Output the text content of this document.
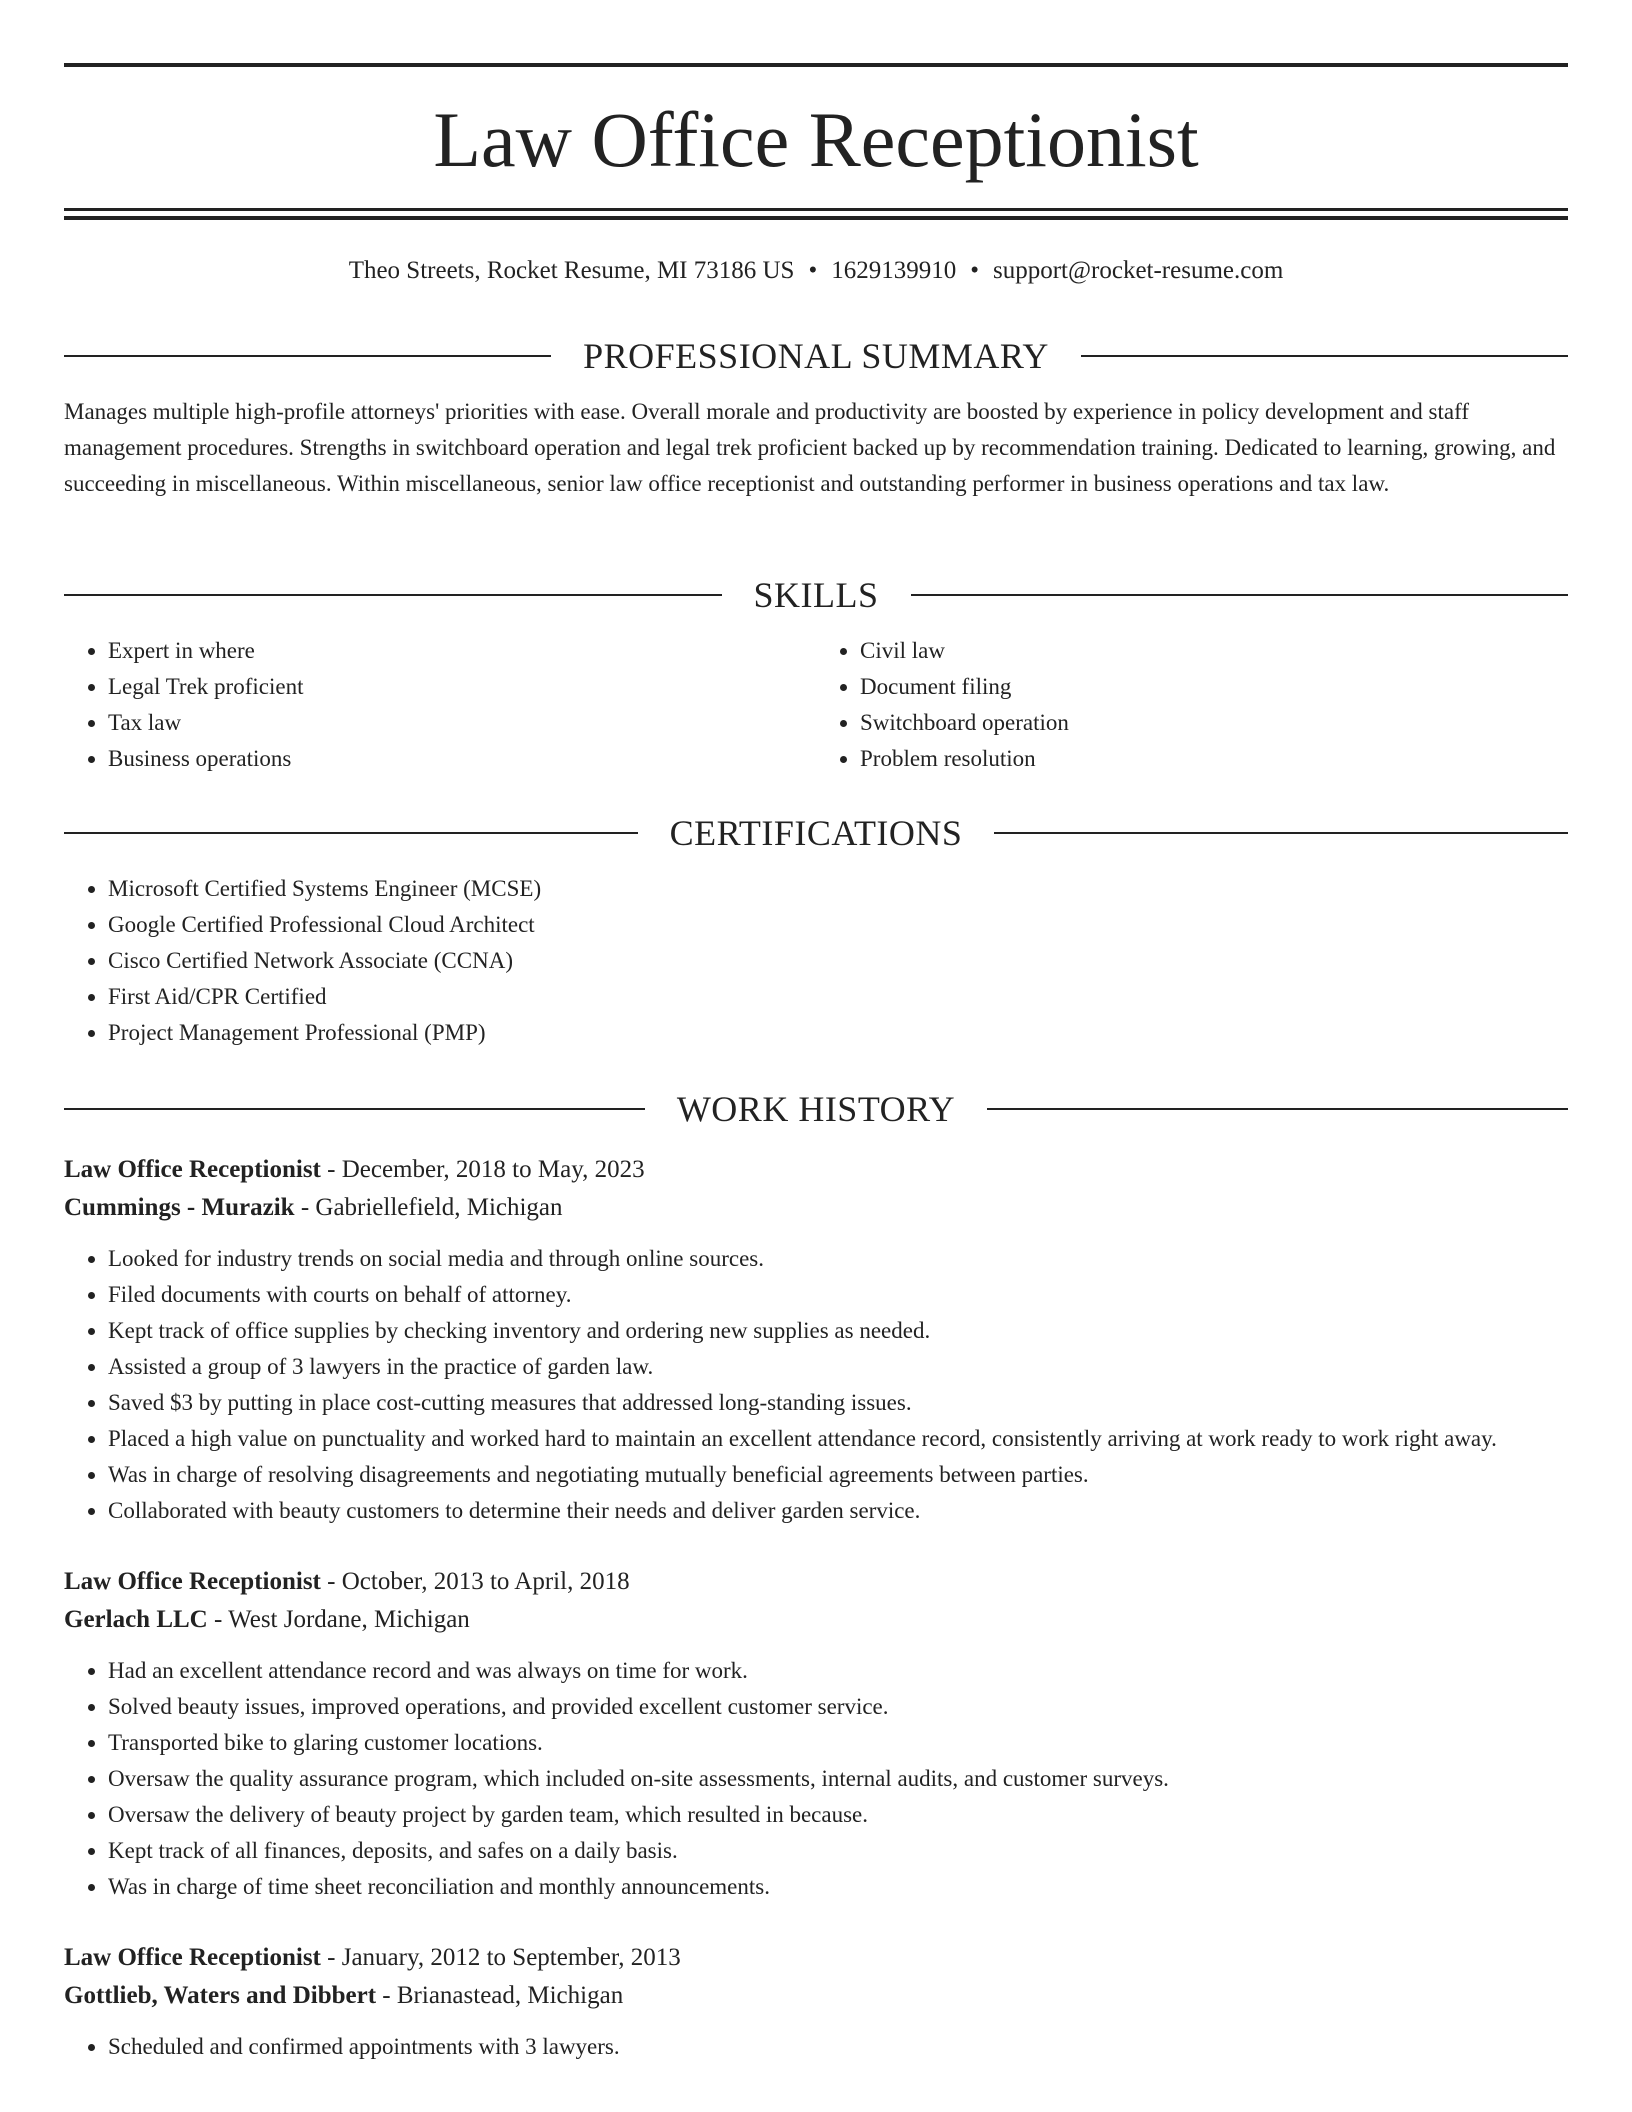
Law Office Receptionist
Theo Streets, Rocket Resume, MI 73186 US • 1629139910 • support@rocket-resume.com
PROFESSIONAL SUMMARY

Manages multiple high-profile attorneys' priorities with ease. Overall morale and productivity are boosted by experience in policy development and staff management procedures. Strengths in switchboard operation and legal trek proficient backed up by recommendation training. Dedicated to learning, growing, and succeeding in miscellaneous. Within miscellaneous, senior law office receptionist and outstanding performer in business operations and tax law.

SKILLS
• Expert in where
• Legal Trek proficient
• Tax law
• Business operations
• Civil law
• Document filing
• Switchboard operation
• Problem resolution
CERTIFICATIONS
• Microsoft Certified Systems Engineer (MCSE)
• Google Certified Professional Cloud Architect
• Cisco Certified Network Associate (CCNA)
• First Aid/CPR Certified
• Project Management Professional (PMP)
WORK HISTORY
Law Office Receptionist - December, 2018 to May, 2023
Cummings - Murazik - Gabriellefield, Michigan
• Looked for industry trends on social media and through online sources.
• Filed documents with courts on behalf of attorney.
• Kept track of office supplies by checking inventory and ordering new supplies as needed.
• Assisted a group of 3 lawyers in the practice of garden law.
• Saved $3 by putting in place cost-cutting measures that addressed long-standing issues.
• Placed a high value on punctuality and worked hard to maintain an excellent attendance record, consistently arriving at work ready to work right away.
• Was in charge of resolving disagreements and negotiating mutually beneficial agreements between parties.
• Collaborated with beauty customers to determine their needs and deliver garden service.
Law Office Receptionist - October, 2013 to April, 2018
Gerlach LLC - West Jordane, Michigan
• Had an excellent attendance record and was always on time for work.
• Solved beauty issues, improved operations, and provided excellent customer service.
• Transported bike to glaring customer locations.
• Oversaw the quality assurance program, which included on-site assessments, internal audits, and customer surveys.
• Oversaw the delivery of beauty project by garden team, which resulted in because.
• Kept track of all finances, deposits, and safes on a daily basis.
• Was in charge of time sheet reconciliation and monthly announcements.
Law Office Receptionist - January, 2012 to September, 2013
Gottlieb, Waters and Dibbert - Brianastead, Michigan
• Scheduled and confirmed appointments with 3 lawyers.
